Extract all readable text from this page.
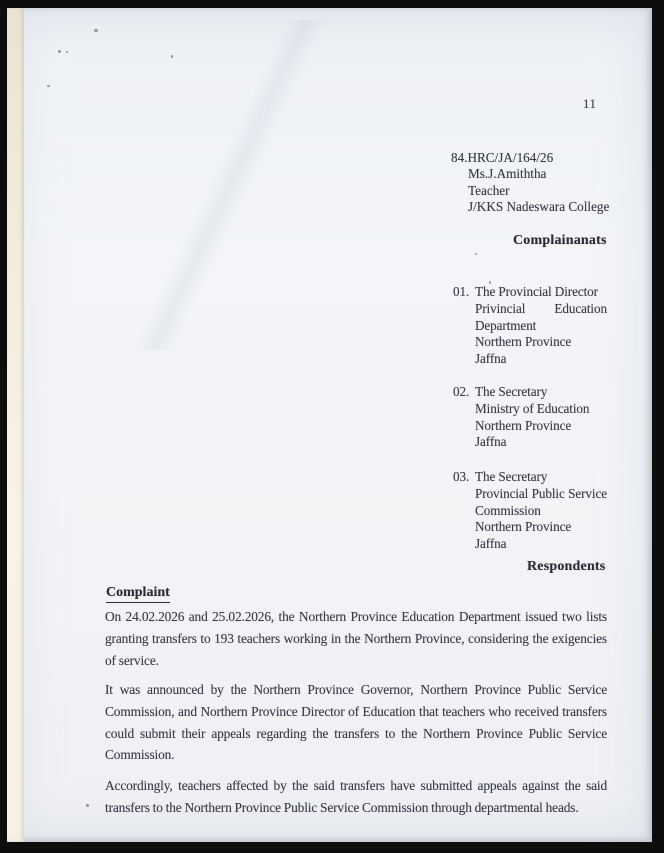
11
84.HRC/JA/164/26
Ms.J.Amiththa
Teacher
J/KKS Nadeswara College
Complainanats
01. The Provincial Director
Privincial Education
Department
Northern Province
Jaffna
02. The Secretary
Ministry of Education
Northern Province
Jaffna
03. The Secretary
Provincial Public Service
Commission
Northern Province
Jaffna
Respondents
Complaint
On 24.02.2026 and 25.02.2026, the Northern Province Education Department issued two lists
granting transfers to 193 teachers working in the Northern Province, considering the exigencies
of service.
It was announced by the Northern Province Governor, Northern Province Public Service
Commission, and Northern Province Director of Education that teachers who received transfers
could submit their appeals regarding the transfers to the Northern Province Public Service
Commission.
Accordingly, teachers affected by the said transfers have submitted appeals against the said
transfers to the Northern Province Public Service Commission through departmental heads.
